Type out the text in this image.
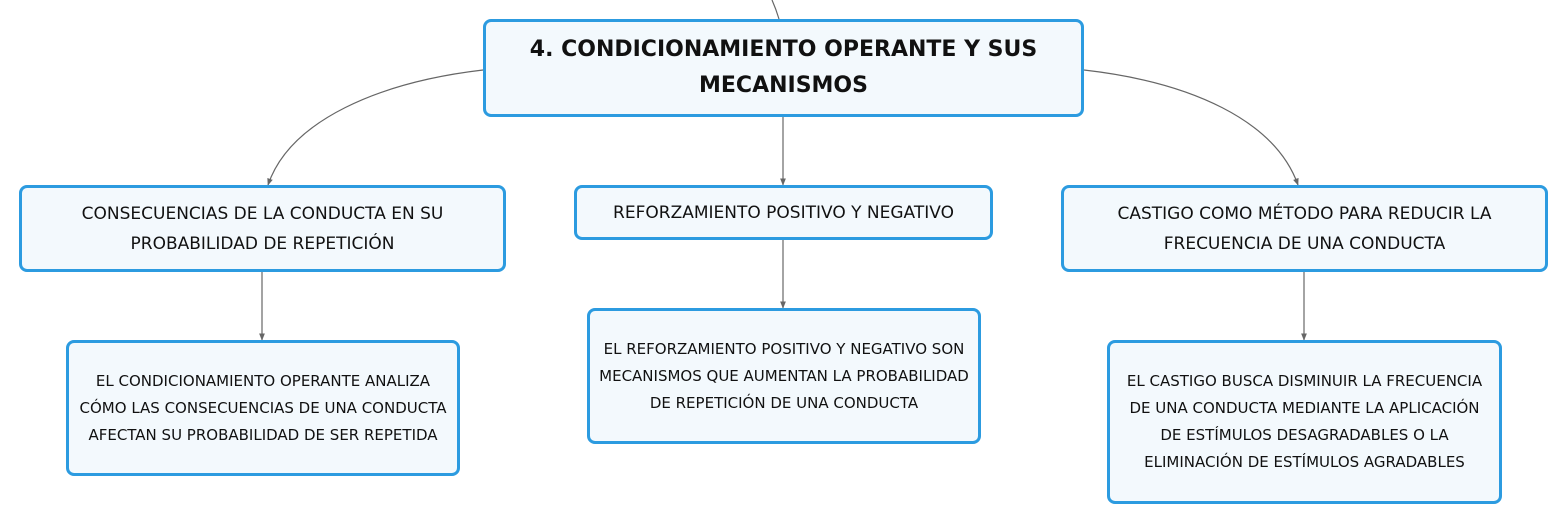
4. CONDICIONAMIENTO OPERANTE Y SUS MECANISMOS
CONSECUENCIAS DE LA CONDUCTA EN SU PROBABILIDAD DE REPETICIÓN
REFORZAMIENTO POSITIVO Y NEGATIVO	CASTIGO COMO MÉTODO PARA REDUCIR LA FRECUENCIA DE UNA CONDUCTA
EL CONDICIONAMIENTO OPERANTE ANALIZA CÓMO LAS CONSECUENCIAS DE UNA CONDUCTA AFECTAN SU PROBABILIDAD DE SER REPETIDA
EL REFORZAMIENTO POSITIVO Y NEGATIVO SON MECANISMOS QUE AUMENTAN LA PROBABILIDAD DE REPETICIÓN DE UNA CONDUCTA
EL CASTIGO BUSCA DISMINUIR LA FRECUENCIA DE UNA CONDUCTA MEDIANTE LA APLICACIÓN DE ESTÍMULOS DESAGRADABLES O LA ELIMINACIÓN DE ESTÍMULOS AGRADABLES
